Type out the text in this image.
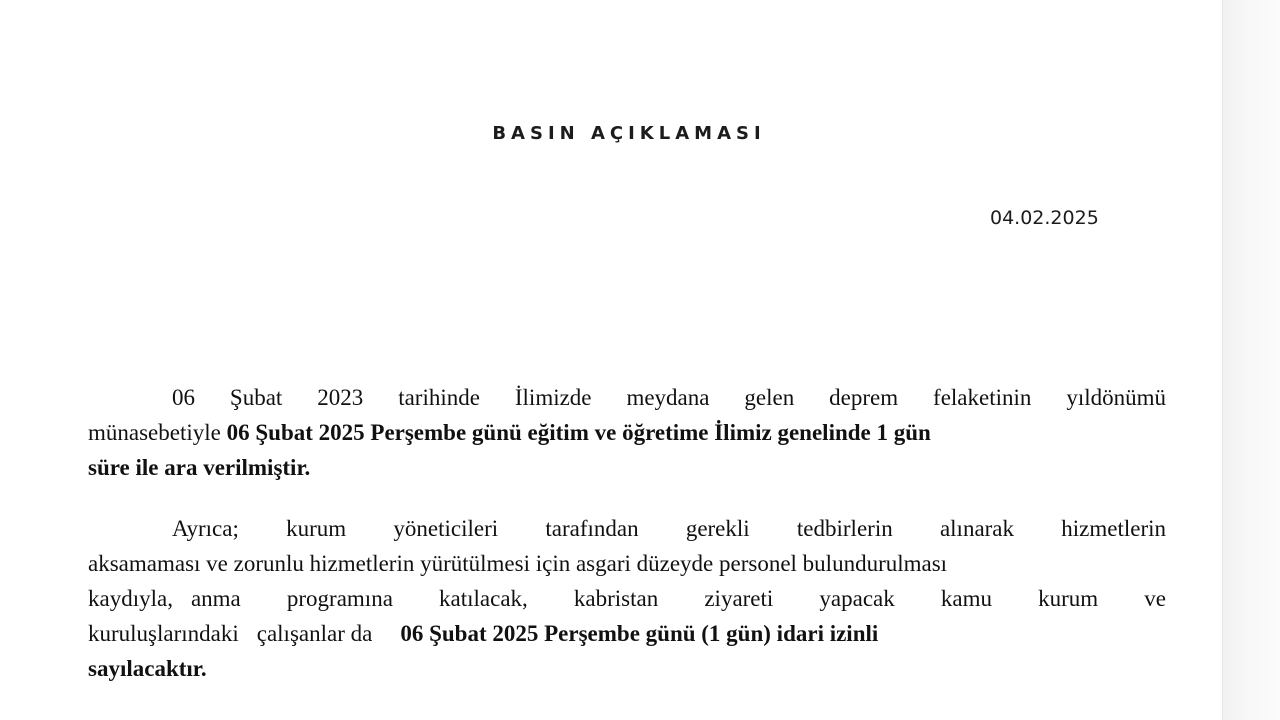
BASIN AÇIKLAMASI
04.02.2025
06 Şubat 2023 tarihinde İlimizde meydana gelen deprem felaketinin yıldönümü
münasebetiyle 06 Şubat 2025 Perşembe günü eğitim ve öğretime İlimiz genelinde 1 gün
süre ile ara verilmiştir.
Ayrıca; kurum yöneticileri tarafından gerekli tedbirlerin alınarak hizmetlerin
aksamaması ve zorunlu hizmetlerin yürütülmesi için asgari düzeyde personel bulundurulması
kaydıyla, anma programına katılacak, kabristan ziyareti yapacak kamu kurum ve
kuruluşlarındaki çalışanlar da 06 Şubat 2025 Perşembe günü (1 gün) idari izinli
sayılacaktır.
